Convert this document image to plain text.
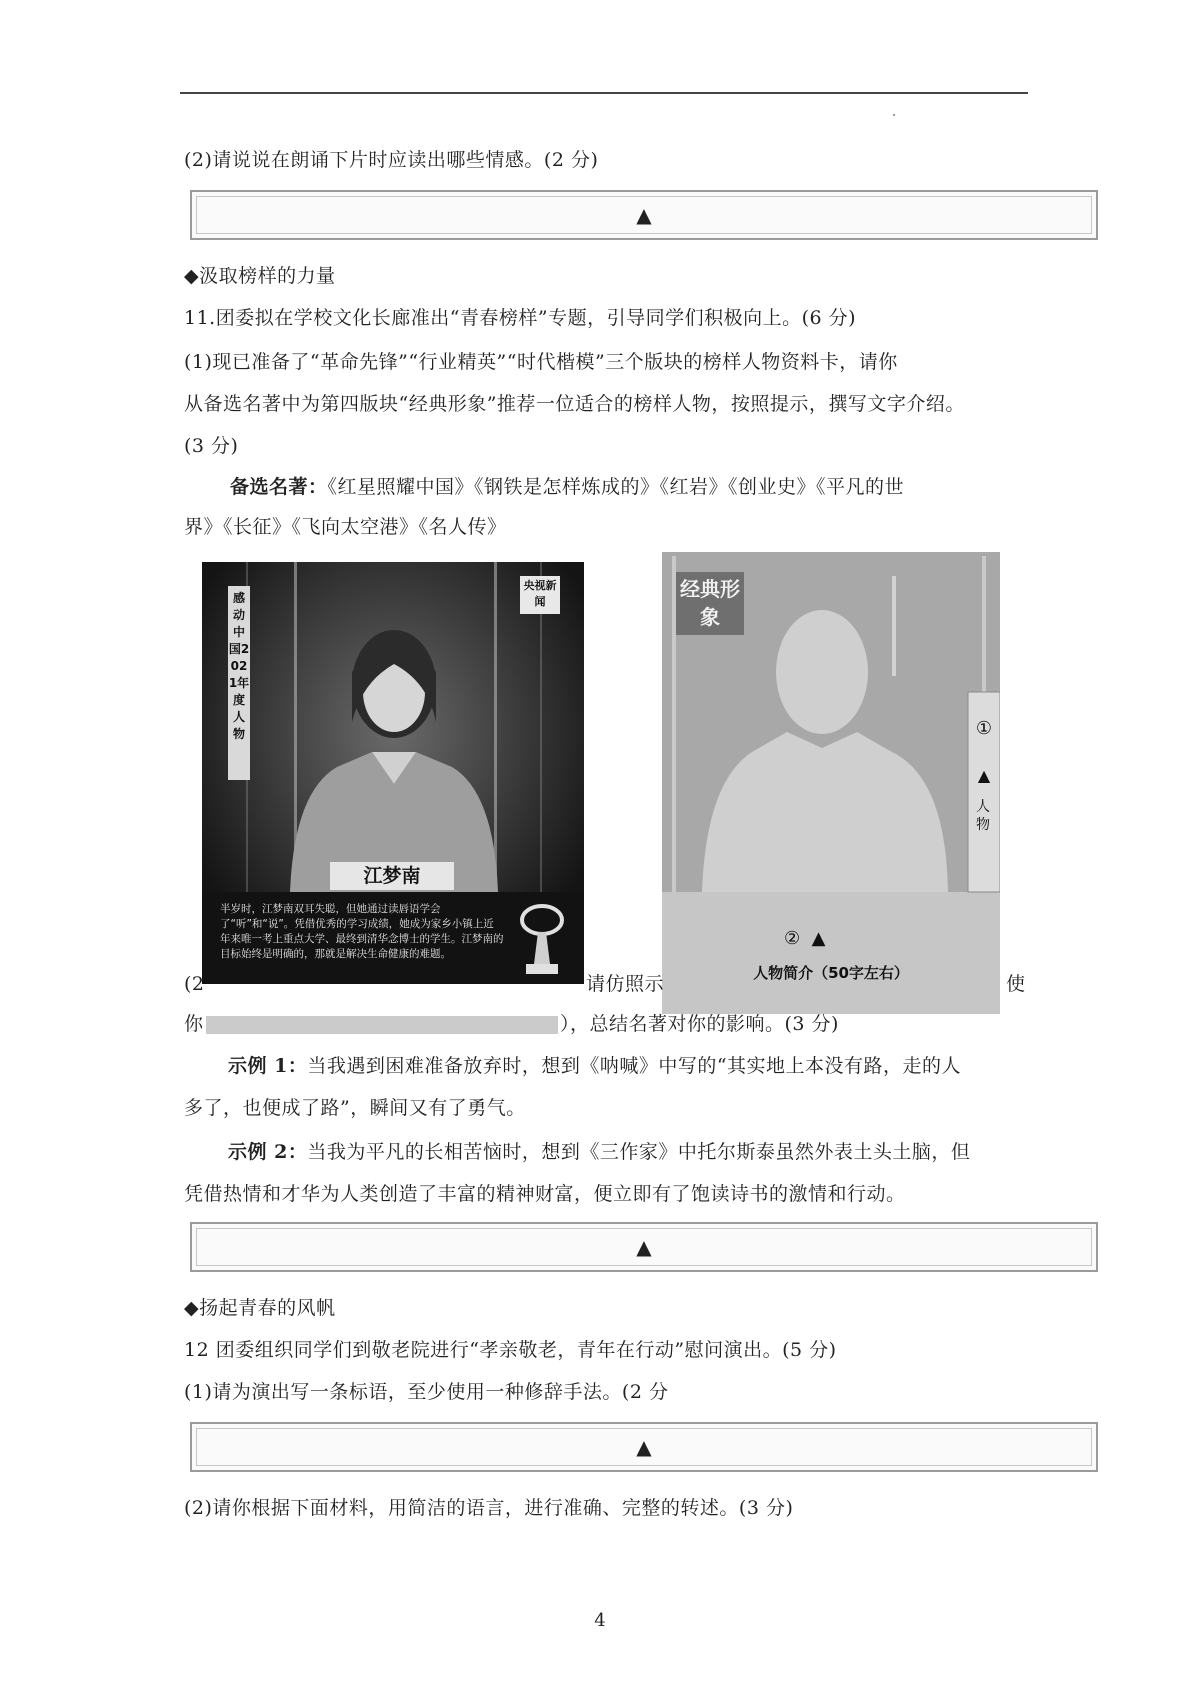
(2)请说说在朗诵下片时应读出哪些情感。(2 分)
▲
◆汲取榜样的力量
11.团委拟在学校文化长廊准出“青春榜样”专题，引导同学们积极向上。(6 分)
(1)现已准备了“革命先锋”“行业精英”“时代楷模”三个版块的榜样人物资料卡，请你
从备选名著中为第四版块“经典形象”推荐一位适合的榜样人物，按照提示，撰写文字介绍。
(3 分)
备选名著：《红星照耀中国》《钢铁是怎样炼成的》《红岩》《创业史》《平凡的世
界》《长征》《飞向太空港》《名人传》
央视新闻
感动中国2021年度人物
江梦南
半岁时，江梦南双耳失聪，但她通过读唇语学会了“听”和“说”。凭借优秀的学习成绩，她成为家乡小镇上近年来唯一考上重点大学、最终到清华念博士的学生。江梦南的目标始终是明确的，那就是解决生命健康的难题。
经典形象
①
▲
人物
② ▲
人物简介（50字左右）
(2	请仿照示	使
你	），总结名著对你的影响。(3 分)
示例 1：当我遇到困难准备放弃时，想到《呐喊》中写的“其实地上本没有路，走的人
多了，也便成了路”，瞬间又有了勇气。
示例 2：当我为平凡的长相苦恼时，想到《三作家》中托尔斯泰虽然外表土头土脑，但
凭借热情和才华为人类创造了丰富的精神财富，便立即有了饱读诗书的激情和行动。
▲
◆扬起青春的风帆
12 团委组织同学们到敬老院进行“孝亲敬老，青年在行动”慰问演出。(5 分)
(1)请为演出写一条标语，至少使用一种修辞手法。(2 分
▲
(2)请你根据下面材料，用简洁的语言，进行准确、完整的转述。(3 分)
4
